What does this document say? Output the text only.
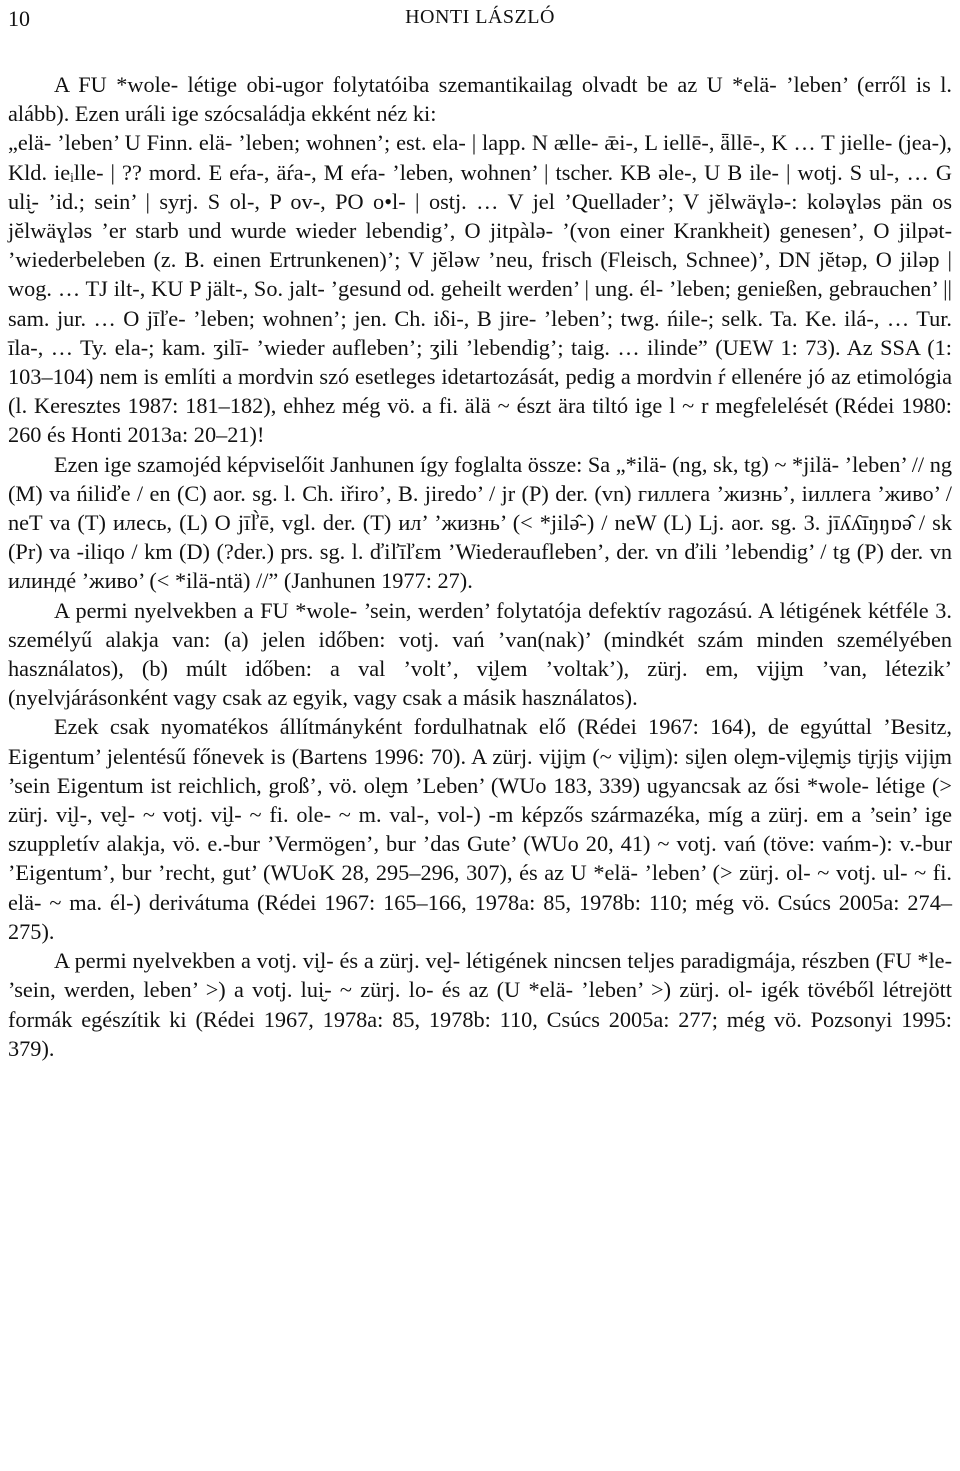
10	HONTI LÁSZLÓ

A FU *wole- létige obi-ugor folytatóiba szemantikailag olvadt be az U *elä- ’leben’ (erről is l. alább). Ezen uráli ige szócsaládja ekként néz ki:

„elä- ’leben’ U Finn. elä- ’leben; wohnen’; est. ela- | lapp. N ælle- ǣi-, L iellē-, ǟllē-, K … T jielle- (jea-), Kld. ieᵢlle- | ?? mord. E eŕa-, äŕa-, M eŕa- ’leben, wohnen’ | tscher. KB əle-, U B ile- | wotj. S ul-, … G uli̮- ’id.; sein’ | syrj. S ol-, P ov-, PO o•l- | ostj. … V jel ’Quellader’; V jĕlwäɣlə-: koləɣləs pän os jĕlwäɣləs ’er starb und wurde wieder lebendig’, O jitpàlə- ’(von einer Krankheit) genesen’, O jilpət- ’wiederbeleben (z. B. einen Ertrunkenen)’; V jĕləw ’neu, frisch (Fleisch, Schnee)’, DN jĕtəp, O jiləp | wog. … TJ ilt-, KU P jält-, So. jalt- ’gesund od. geheilt werden’ | ung. él- ’leben; genießen, gebrauchen’ || sam. jur. … O jīľe- ’leben; wohnen’; jen. Ch. iδi-, B jire- ’leben’; twg. ńile-; selk. Ta. Ke. ilá-, … Tur. īla-, … Ty. ela-; kam. ʒilī- ’wieder aufleben’; ʒili ’lebendig’; taig. … ilinde” (UEW 1: 73). Az SSA (1: 103–104) nem is említi a mordvin szó esetleges idetartozását, pedig a mordvin ŕ ellenére jó az etimológia (l. Keresztes 1987: 181–182), ehhez még vö. a fi. älä ~ észt ära tiltó ige l ~ r megfelelését (Rédei 1980: 260 és Honti 2013a: 20–21)!

Ezen ige szamojéd képviselőit Janhunen így foglalta össze: Sa „*ilä- (ng, sk, tg) ~ *jilä- ’leben’ // ng (M) va ńiliďe / en (C) aor. sg. l. Ch. iřiro’, B. jiredo’ / jr (P) der. (vn) гиллега ’жизнь’, іиллега ’живо’ / neT va (T) илесь, (L) O jīľ̀ē, vgl. der. (T) ил’ ’жизнь’ (< *jilə̂-) / neW (L) Lj. aor. sg. 3. jīʎʎīŋŋɒə̂ / sk (Pr) va -iliqo / km (D) (?der.) prs. sg. l. ďiľīľɛm ’Wiederaufleben’, der. vn ďili ’lebendig’ / tg (P) der. vn илиндé ’живо’ (< *ilä-ntä) //” (Janhunen 1977: 27).

A permi nyelvekben a FU *wole- ’sein, werden’ folytatója defektív ragozású. A létigének kétféle 3. személyű alakja van: (a) jelen időben: votj. vań ’van(nak)’ (mindkét szám minden személyében használatos), (b) múlt időben: a val ’volt’, vi̮lem ’voltak’), zürj. em, vi̮ji̮m ’van, létezik’ (nyelvjárásonként vagy csak az egyik, vagy csak a másik használatos).

Ezek csak nyomatékos állítmányként fordulhatnak elő (Rédei 1967: 164), de egyúttal ’Besitz, Eigentum’ jelentésű főnevek is (Bartens 1996: 70). A zürj. vi̮ji̮m (~ vi̮li̮m): si̮len ole̮m-vi̮le̮mi̮s ti̮rji̮s viji̮m ’sein Eigentum ist reichlich, groß’, vö. ole̮m ’Leben’ (WUo 183, 339) ugyancsak az ősi *wole- létige (> zürj. vi̮l-, ve̮l- ~ votj. vi̮l- ~ fi. ole- ~ m. val-, vol-) -m képzős származéka, míg a zürj. em a ’sein’ ige szuppletív alakja, vö. e.-bur ’Vermögen’, bur ’das Gute’ (WUo 20, 41) ~ votj. vań (töve: vańm-): v.-bur ’Eigentum’, bur ’recht, gut’ (WUoK 28, 295–296, 307), és az U *elä- ’leben’ (> zürj. ol- ~ votj. ul- ~ fi. elä- ~ ma. él-) derivátuma (Rédei 1967: 165–166, 1978a: 85, 1978b: 110; még vö. Csúcs 2005a: 274–275).

A permi nyelvekben a votj. vi̮l- és a zürj. ve̮l- létigének nincsen teljes paradigmája, részben (FU *le- ’sein, werden, leben’ >) a votj. lui̮- ~ zürj. lo- és az (U *elä- ’leben’ >) zürj. ol- igék tövéből létrejött formák egészítik ki (Rédei 1967, 1978a: 85, 1978b: 110, Csúcs 2005a: 277; még vö. Pozsonyi 1995: 379).
